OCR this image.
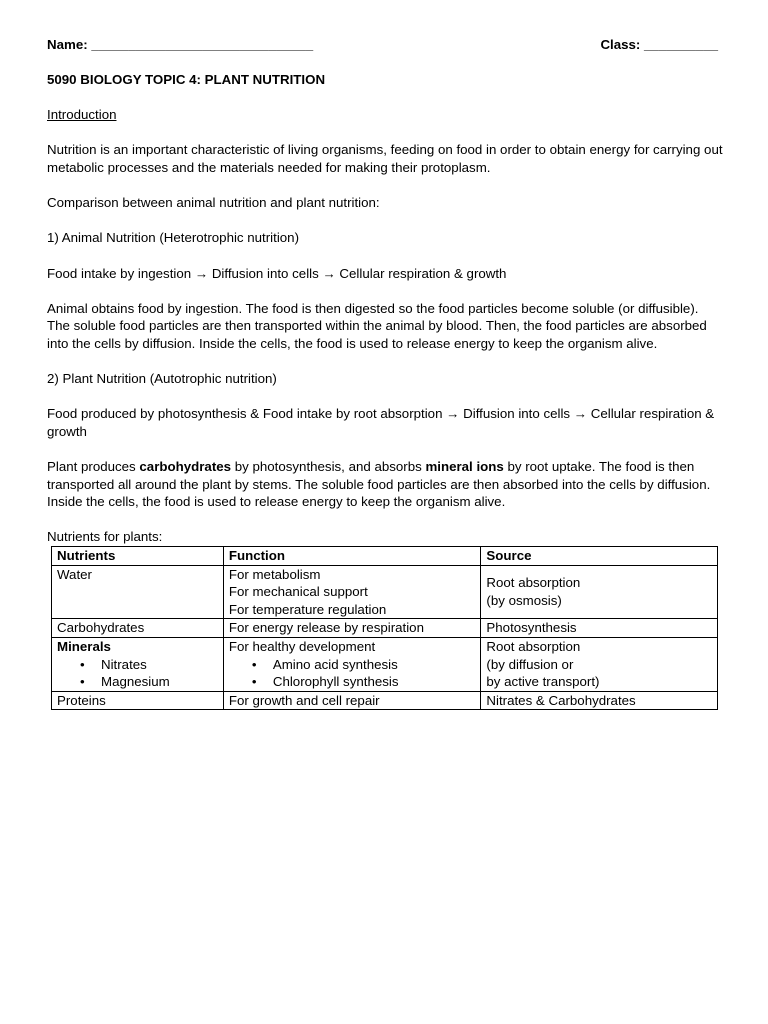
Name: ______________________________	Class: __________

5090 BIOLOGY TOPIC 4: PLANT NUTRITION

Introduction

Nutrition is an important characteristic of living organisms, feeding on food in order to obtain energy for carrying out metabolic processes and the materials needed for making their protoplasm.

Comparison between animal nutrition and plant nutrition:

1) Animal Nutrition (Heterotrophic nutrition)

Food intake by ingestion → Diffusion into cells → Cellular respiration & growth

Animal obtains food by ingestion. The food is then digested so the food particles become soluble (or diffusible). The soluble food particles are then transported within the animal by blood. Then, the food particles are absorbed into the cells by diffusion. Inside the cells, the food is used to release energy to keep the organism alive.

2) Plant Nutrition (Autotrophic nutrition)

Food produced by photosynthesis & Food intake by root absorption → Diffusion into cells → Cellular respiration & growth

Plant produces carbohydrates by photosynthesis, and absorbs mineral ions by root uptake. The food is then transported all around the plant by stems. The soluble food particles are then absorbed into the cells by diffusion. Inside the cells, the food is used to release energy to keep the organism alive.

Nutrients for plants:

Nutrients	Function	Source
Water	For metabolism
For mechanical support
For temperature regulation	Root absorption
(by osmosis)

Carbohydrates	For energy release by respiration	Photosynthesis

Minerals
• Nitrates
• Magnesium	For healthy development
• Amino acid synthesis
• Chlorophyll synthesis	Root absorption
(by diffusion or
by active transport)

Proteins	For growth and cell repair	Nitrates & Carbohydrates
